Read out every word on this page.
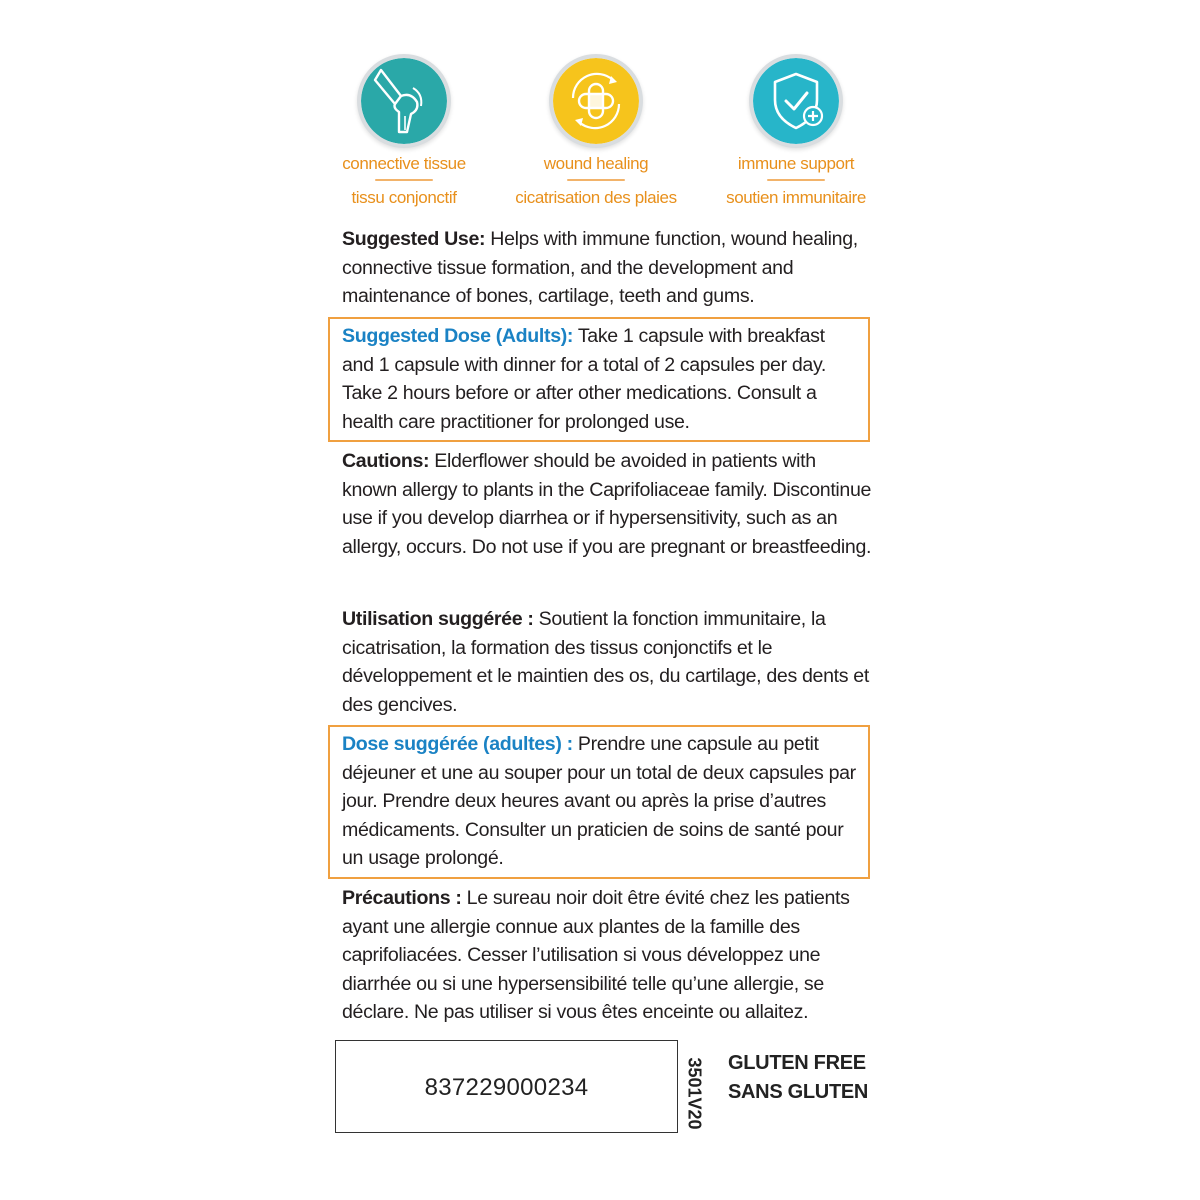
connective tissue
tissu conjonctif
wound healing
cicatrisation des plaies
immune support
soutien immunitaire
Suggested Use: Helps with immune function, wound healing, connective tissue formation, and the development and maintenance of bones, cartilage, teeth and gums.
Suggested Dose (Adults): Take 1 capsule with breakfast and 1 capsule with dinner for a total of 2 capsules per day. Take 2 hours before or after other medications. Consult a health care practitioner for prolonged use.
Cautions: Elderflower should be avoided in patients with known allergy to plants in the Caprifoliaceae family. Discontinue use if you develop diarrhea or if hypersensitivity, such as an allergy, occurs. Do not use if you are pregnant or breastfeeding.
Utilisation suggérée : Soutient la fonction immunitaire, la cicatrisation, la formation des tissus conjonctifs et le développement et le maintien des os, du cartilage, des dents et des gencives.
Dose suggérée (adultes) : Prendre une capsule au petit déjeuner et une au souper pour un total de deux capsules par jour. Prendre deux heures avant ou après la prise d’autres médicaments. Consulter un praticien de soins de santé pour un usage prolongé.
Précautions : Le sureau noir doit être évité chez les patients ayant une allergie connue aux plantes de la famille des caprifoliacées. Cesser l’utilisation si vous développez une diarrhée ou si une hypersensibilité telle qu’une allergie, se déclare. Ne pas utiliser si vous êtes enceinte ou allaitez.
837229000234	3501V20 GLUTEN FREE
SANS GLUTEN
